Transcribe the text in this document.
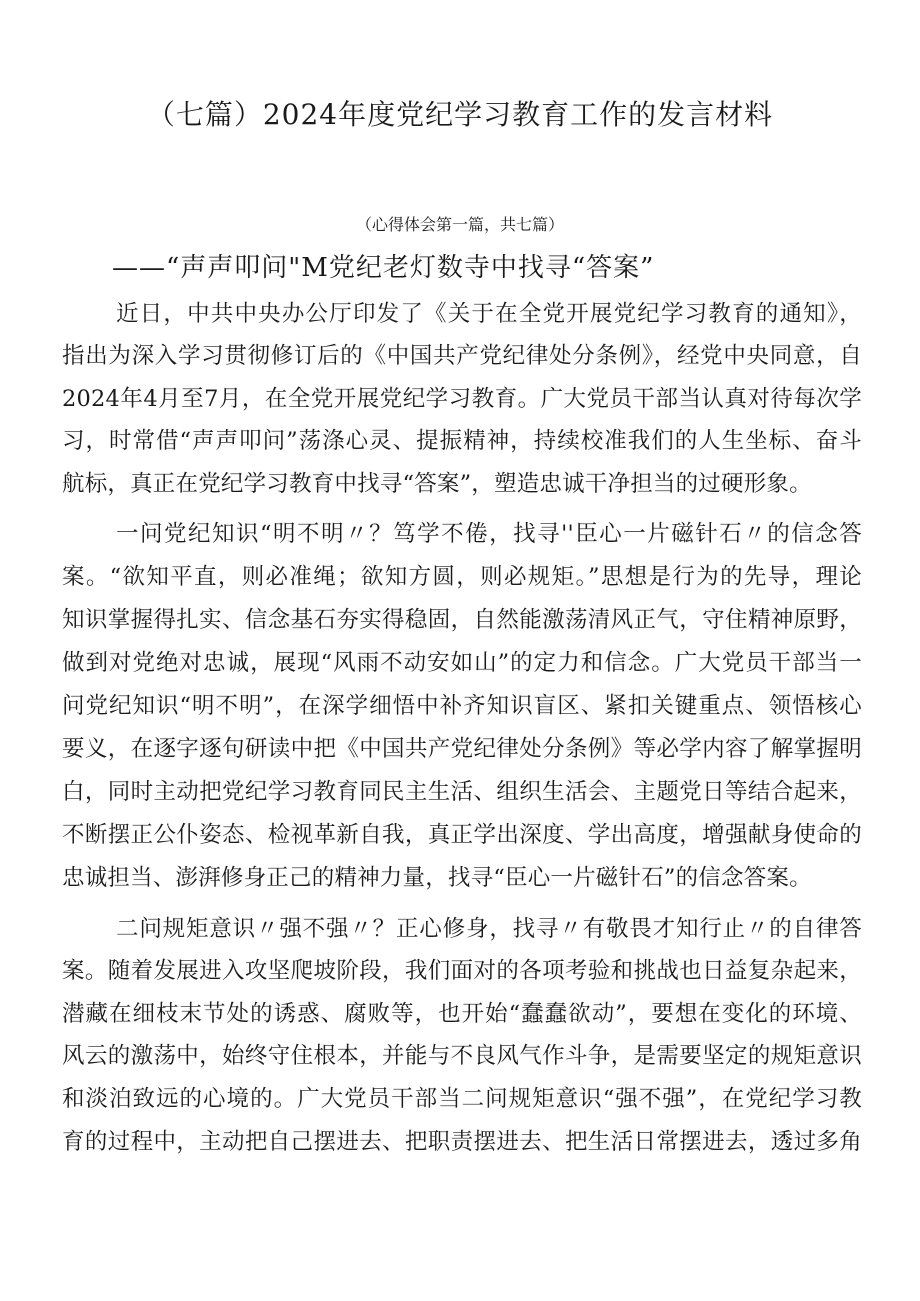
（七篇）2024年度党纪学习教育工作的发言材料

（心得体会第一篇，共七篇）

——“声声叩问"M党纪老灯数寺中找寻“答案”

近日，中共中央办公厅印发了《关于在全党开展党纪学习教育的通知》，

指出为深入学习贯彻修订后的《中国共产党纪律处分条例》，经党中央同意，自

2024年4月至7月，在全党开展党纪学习教育。广大党员干部当认真对待每次学

习，时常借“声声叩问”荡涤心灵、提振精神，持续校准我们的人生坐标、奋斗

航标，真正在党纪学习教育中找寻“答案”，塑造忠诚干净担当的过硬形象。

一问党纪知识“明不明〃？笃学不倦，找寻''臣心一片磁针石〃的信念答

案。“欲知平直，则必准绳；欲知方圆，则必规矩。”思想是行为的先导，理论

知识掌握得扎实、信念基石夯实得稳固，自然能激荡清风正气，守住精神原野，

做到对党绝对忠诚，展现“风雨不动安如山”的定力和信念。广大党员干部当一

问党纪知识“明不明”，在深学细悟中补齐知识盲区、紧扣关键重点、领悟核心

要义，在逐字逐句研读中把《中国共产党纪律处分条例》等必学内容了解掌握明

白，同时主动把党纪学习教育同民主生活、组织生活会、主题党日等结合起来，

不断摆正公仆姿态、检视革新自我，真正学出深度、学出高度，增强献身使命的

忠诚担当、澎湃修身正己的精神力量，找寻“臣心一片磁针石”的信念答案。

二问规矩意识〃强不强〃？正心修身，找寻〃有敬畏才知行止〃的自律答

案。随着发展进入攻坚爬坡阶段，我们面对的各项考验和挑战也日益复杂起来，

潜藏在细枝末节处的诱惑、腐败等，也开始“蠢蠢欲动”，要想在变化的环境、

风云的激荡中，始终守住根本，并能与不良风气作斗争，是需要坚定的规矩意识

和淡泊致远的心境的。广大党员干部当二问规矩意识“强不强”，在党纪学习教

育的过程中，主动把自己摆进去、把职责摆进去、把生活日常摆进去，透过多角
